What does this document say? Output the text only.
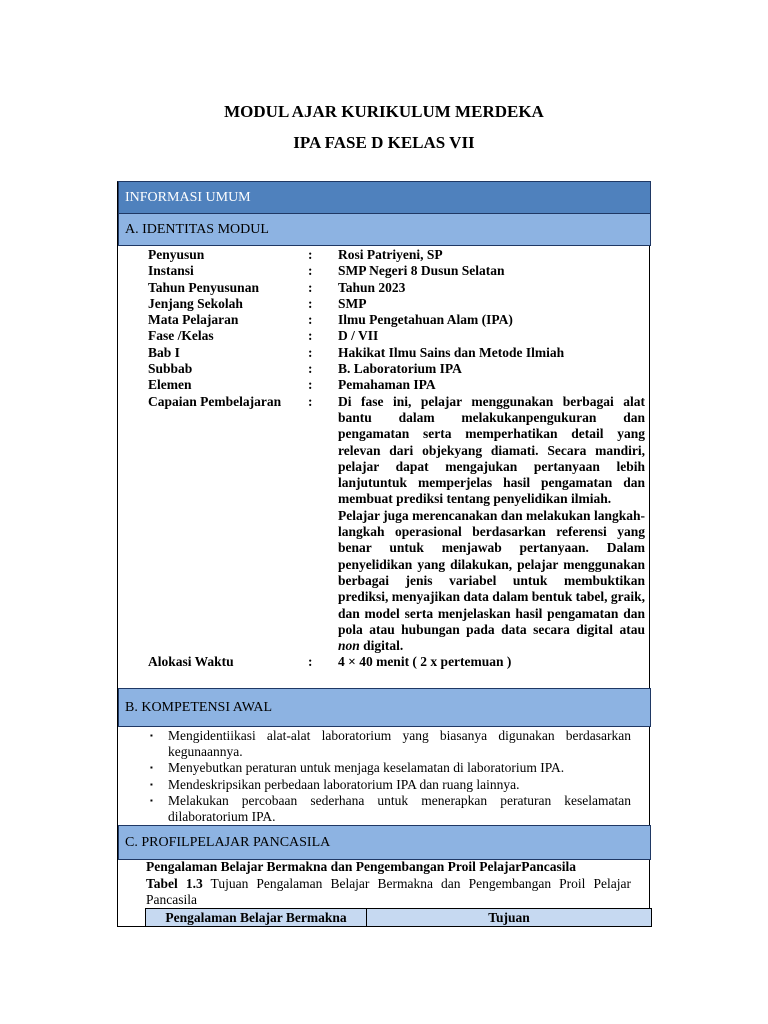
MODUL AJAR KURIKULUM MERDEKA
IPA FASE D KELAS VII
INFORMASI UMUM
A. IDENTITAS MODUL
Penyusun	:	Rosi Patriyeni, SP
Instansi	:	SMP Negeri 8 Dusun Selatan
Tahun Penyusunan	:	Tahun 2023
Jenjang Sekolah	:	SMP
Mata Pelajaran	:	Ilmu Pengetahuan Alam (IPA)
Fase /Kelas	:	D / VII
Bab I	:	Hakikat Ilmu Sains dan Metode Ilmiah
Subbab	:	B. Laboratorium IPA
Elemen	:	Pemahaman IPA
Capaian Pembelajaran	:	Di fase ini, pelajar menggunakan berbagai alat bantu dalam melakukanpengukuran dan pengamatan serta memperhatikan detail yang relevan dari objekyang diamati. Secara mandiri, pelajar dapat mengajukan pertanyaan lebih lanjutuntuk memperjelas hasil pengamatan dan membuat prediksi tentang penyelidikan ilmiah.

Pelajar juga merencanakan dan melakukan langkah-langkah operasional berdasarkan referensi yang benar untuk menjawab pertanyaan. Dalam penyelidikan yang dilakukan, pelajar menggunakan berbagai jenis variabel untuk membuktikan prediksi, menyajikan data dalam bentuk tabel, graik, dan model serta menjelaskan hasil pengamatan dan pola atau hubungan pada data secara digital atau non digital.

Alokasi Waktu	:	4 × 40 menit ( 2 x pertemuan )
B. KOMPETENSI AWAL
▪ Mengidentiikasi alat-alat laboratorium yang biasanya digunakan berdasarkan kegunaannya.
▪ Menyebutkan peraturan untuk menjaga keselamatan di laboratorium IPA.
▪ Mendeskripsikan perbedaan laboratorium IPA dan ruang lainnya.
▪ Melakukan percobaan sederhana untuk menerapkan peraturan keselamatan dilaboratorium IPA.
C. PROFILPELAJAR PANCASILA
Pengalaman Belajar Bermakna dan Pengembangan Proil PelajarPancasila
Tabel 1.3 Tujuan Pengalaman Belajar Bermakna dan Pengembangan Proil Pelajar Pancasila
Pengalaman Belajar Bermakna	Tujuan
